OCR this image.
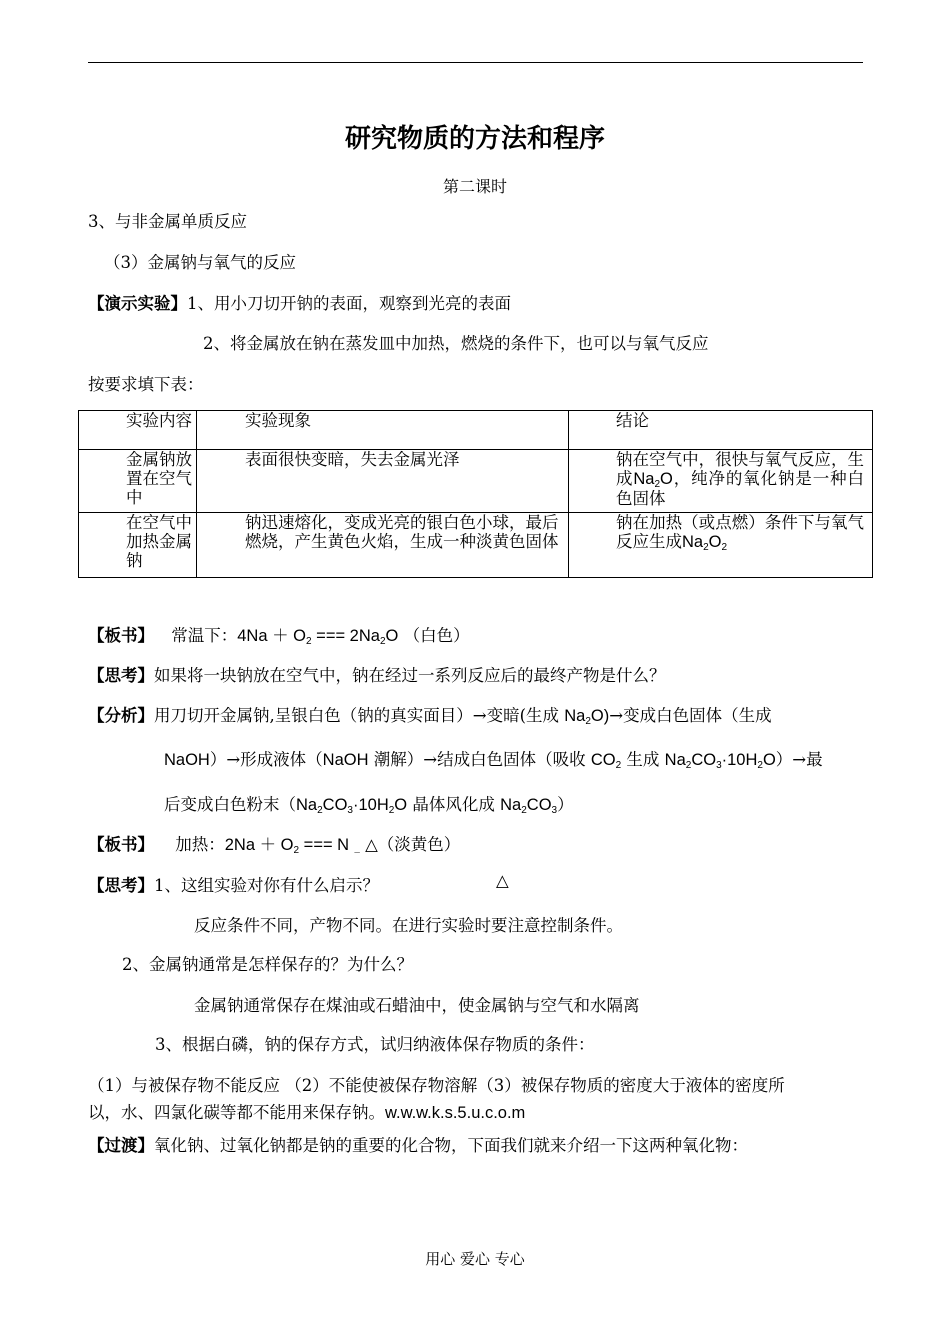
研究物质的方法和程序
第二课时
3、与非金属单质反应
（3）金属钠与氧气的反应
【演示实验】1、用小刀切开钠的表面，观察到光亮的表面
2、将金属放在钠在蒸发皿中加热，燃烧的条件下，也可以与氧气反应
按要求填下表：
实验内容	实验现象	结论
金属钠放置在空气中	表面很快变暗，失去金属光泽	钠在空气中，很快与氧气反应，生成$Na_2O$，纯净的氧化钠是一种白色固体
在空气中加热金属钠	钠迅速熔化，变成光亮的银白色小球，最后燃烧，产生黄色火焰，生成一种淡黄色固体	钠在加热（或点燃）条件下与氧气反应生成$Na_2O_2$
【板书】 常温下：$4Na + O_2$ === $2Na_2O$ （白色）
【思考】如果将一块钠放在空气中，钠在经过一系列反应后的最终产物是什么？
【分析】用刀切开金属钠,呈银白色（钠的真实面目）→变暗(生成 $Na_2O)\to$变成白色固体（生成
NaOH）→形成液体（NaOH 潮解）→结成白色固体（吸收 $CO_2$ 生成 $Na_2CO_3\cdot 10H_2O)\to$最
后变成白色粉末（$Na_2CO_3\cdot 10H_2O$ 晶体风化成 $Na_2CO_3$）
【板书】 加热：$2Na + O_2$ === N _ △（淡黄色）
【思考】1、这组实验对你有什么启示？	△
反应条件不同，产物不同。在进行实验时要注意控制条件。
2、金属钠通常是怎样保存的？为什么？
金属钠通常保存在煤油或石蜡油中，使金属钠与空气和水隔离
3、根据白磷，钠的保存方式，试归纳液体保存物质的条件：
（1）与被保存物不能反应 （2）不能使被保存物溶解（3）被保存物质的密度大于液体的密度所
以，水、四氯化碳等都不能用来保存钠。w.w.w.k.s.5.u.c.o.m
【过渡】氧化钠、过氧化钠都是钠的重要的化合物，下面我们就来介绍一下这两种氧化物：
用心 爱心 专心
